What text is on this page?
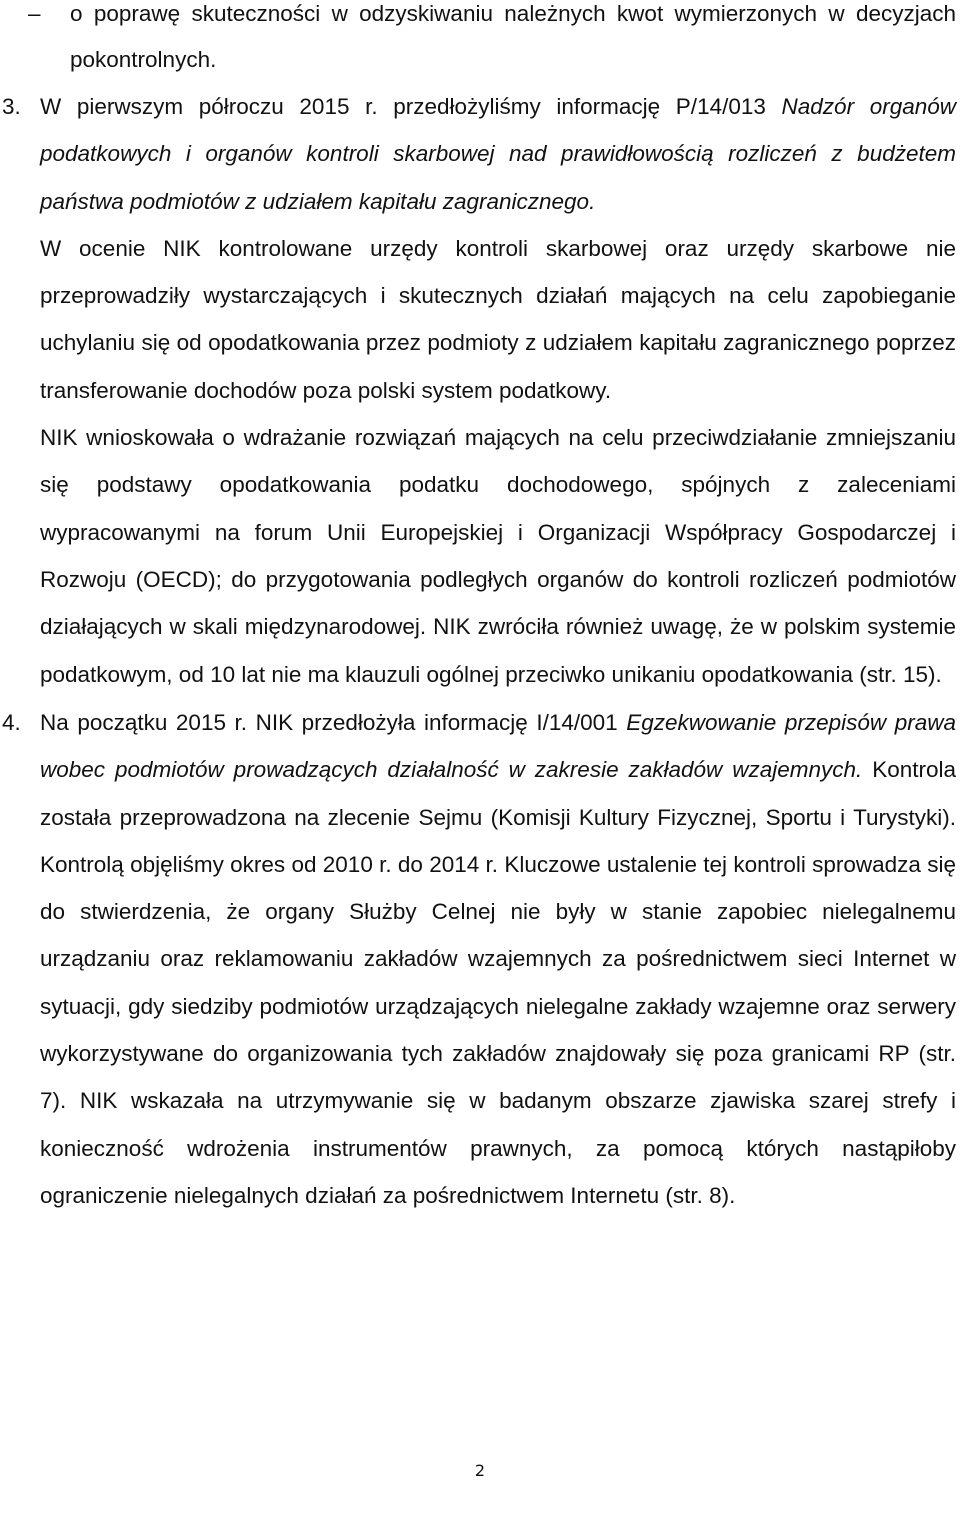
– o poprawę skuteczności w odzyskiwaniu należnych kwot wymierzonych w decyzjach pokontrolnych.
3. W pierwszym półroczu 2015 r. przedłożyliśmy informację P/14/013 Nadzór organów podatkowych i organów kontroli skarbowej nad prawidłowością rozliczeń z budżetem państwa podmiotów z udziałem kapitału zagranicznego.
W ocenie NIK kontrolowane urzędy kontroli skarbowej oraz urzędy skarbowe nie przeprowadziły wystarczających i skutecznych działań mających na celu zapobieganie uchylaniu się od opodatkowania przez podmioty z udziałem kapitału zagranicznego poprzez transferowanie dochodów poza polski system podatkowy.
NIK wnioskowała o wdrażanie rozwiązań mających na celu przeciwdziałanie zmniejszaniu się podstawy opodatkowania podatku dochodowego, spójnych z zaleceniami wypracowanymi na forum Unii Europejskiej i Organizacji Współpracy Gospodarczej i Rozwoju (OECD); do przygotowania podległych organów do kontroli rozliczeń podmiotów działających w skali międzynarodowej. NIK zwróciła również uwagę, że w polskim systemie podatkowym, od 10 lat nie ma klauzuli ogólnej przeciwko unikaniu opodatkowania (str. 15).
4. Na początku 2015 r. NIK przedłożyła informację I/14/001 Egzekwowanie przepisów prawa wobec podmiotów prowadzących działalność w zakresie zakładów wzajemnych. Kontrola została przeprowadzona na zlecenie Sejmu (Komisji Kultury Fizycznej, Sportu i Turystyki). Kontrolą objęliśmy okres od 2010 r. do 2014 r. Kluczowe ustalenie tej kontroli sprowadza się do stwierdzenia, że organy Służby Celnej nie były w stanie zapobiec nielegalnemu urządzaniu oraz reklamowaniu zakładów wzajemnych za pośrednictwem sieci Internet w sytuacji, gdy siedziby podmiotów urządzających nielegalne zakłady wzajemne oraz serwery wykorzystywane do organizowania tych zakładów znajdowały się poza granicami RP (str. 7). NIK wskazała na utrzymywanie się w badanym obszarze zjawiska szarej strefy i konieczność wdrożenia instrumentów prawnych, za pomocą których nastąpiłoby ograniczenie nielegalnych działań za pośrednictwem Internetu (str. 8).
2
